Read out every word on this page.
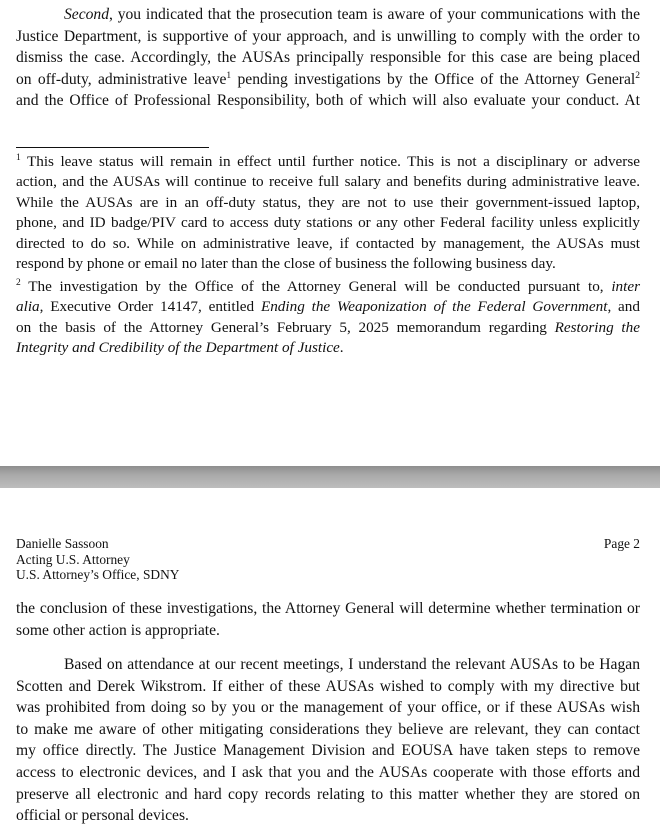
Second, you indicated that the prosecution team is aware of your communications with the
Justice Department, is supportive of your approach, and is unwilling to comply with the order to
dismiss the case. Accordingly, the AUSAs principally responsible for this case are being placed
on off-duty, administrative leave$^1$ pending investigations by the Office of the Attorney General$^2$
and the Office of Professional Responsibility, both of which will also evaluate your conduct. At

$^1$ This leave status will remain in effect until further notice. This is not a disciplinary or adverse
action, and the AUSAs will continue to receive full salary and benefits during administrative leave.
While the AUSAs are in an off-duty status, they are not to use their government-issued laptop,
phone, and ID badge/PIV card to access duty stations or any other Federal facility unless explicitly
directed to do so. While on administrative leave, if contacted by management, the AUSAs must
respond by phone or email no later than the close of business the following business day.

$^2$ The investigation by the Office of the Attorney General will be conducted pursuant to, inter
alia, Executive Order 14147, entitled Ending the Weaponization of the Federal Government, and
on the basis of the Attorney General’s February 5, 2025 memorandum regarding Restoring the
Integrity and Credibility of the Department of Justice.

Danielle Sassoon
Acting U.S. Attorney
U.S. Attorney’s Office, SDNY
Page 2

the conclusion of these investigations, the Attorney General will determine whether termination or
some other action is appropriate.

Based on attendance at our recent meetings, I understand the relevant AUSAs to be Hagan
Scotten and Derek Wikstrom. If either of these AUSAs wished to comply with my directive but
was prohibited from doing so by you or the management of your office, or if these AUSAs wish
to make me aware of other mitigating considerations they believe are relevant, they can contact
my office directly. The Justice Management Division and EOUSA have taken steps to remove
access to electronic devices, and I ask that you and the AUSAs cooperate with those efforts and
preserve all electronic and hard copy records relating to this matter whether they are stored on
official or personal devices.
